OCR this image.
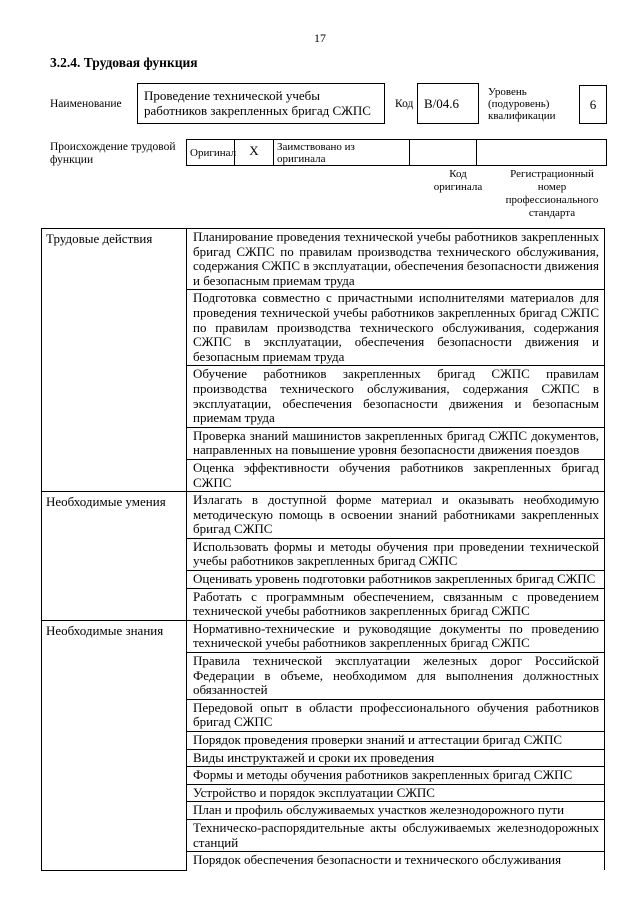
17
3.2.4. Трудовая функция
Наименование
Проведение технической учебы работников закрепленных бригад СЖПС	Код B/04.6
Уровень
(подуровень)
квалификации
6
Происхождение трудовой функции
Оригинал	X	Заимствовано из оригинала
Код оригинала
Регистрационный номер профессионального стандарта
Трудовые действия	Планирование проведения технической учебы работников закрепленных бригад СЖПС по правилам производства технического обслуживания, содержания СЖПС в эксплуатации, обеспечения безопасности движения и безопасным приемам труда
	Подготовка совместно с причастными исполнителями материалов для проведения технической учебы работников закрепленных бригад СЖПС по правилам производства технического обслуживания, содержания СЖПС в эксплуатации, обеспечения безопасности движения и безопасным приемам труда
	Обучение работников закрепленных бригад СЖПС правилам производства технического обслуживания, содержания СЖПС в эксплуатации, обеспечения безопасности движения и безопасным приемам труда
	Проверка знаний машинистов закрепленных бригад СЖПС документов, направленных на повышение уровня безопасности движения поездов
	Оценка эффективности обучения работников закрепленных бригад СЖПС
Необходимые умения	Излагать в доступной форме материал и оказывать необходимую методическую помощь в освоении знаний работниками закрепленных бригад СЖПС
	Использовать формы и методы обучения при проведении технической учебы работников закрепленных бригад СЖПС
	Оценивать уровень подготовки работников закрепленных бригад СЖПС
	Работать с программным обеспечением, связанным с проведением технической учебы работников закрепленных бригад СЖПС
Необходимые знания	Нормативно-технические и руководящие документы по проведению технической учебы работников закрепленных бригад СЖПС
	Правила технической эксплуатации железных дорог Российской Федерации в объеме, необходимом для выполнения должностных обязанностей
	Передовой опыт в области профессионального обучения работников бригад СЖПС
	Порядок проведения проверки знаний и аттестации бригад СЖПС
	Виды инструктажей и сроки их проведения
	Формы и методы обучения работников закрепленных бригад СЖПС
	Устройство и порядок эксплуатации СЖПС
	План и профиль обслуживаемых участков железнодорожного пути
	Техническо-распорядительные акты обслуживаемых железнодорожных станций
	Порядок обеспечения безопасности и технического обслуживания
